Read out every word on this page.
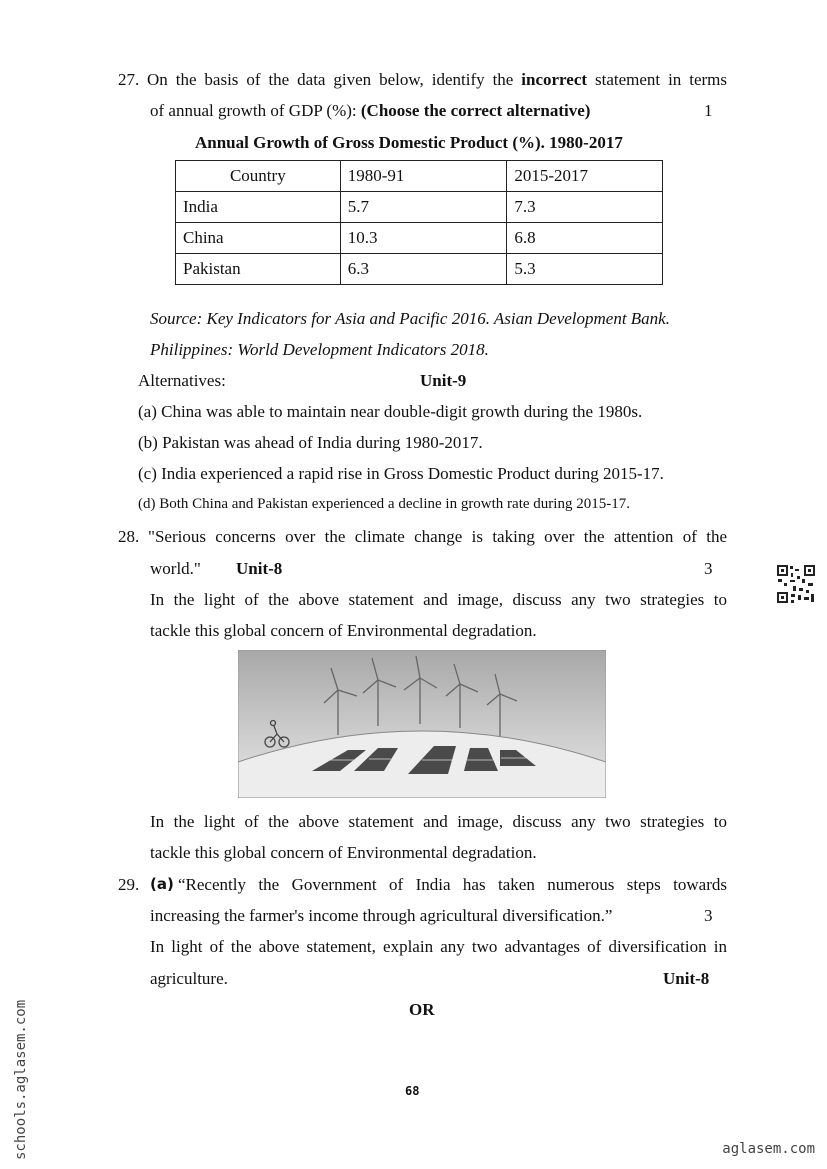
27. On the basis of the data given below, identify the incorrect statement in terms
of annual growth of GDP (%): (Choose the correct alternative)	1
Annual Growth of Gross Domestic Product (%). 1980-2017
Country	1980-91	2015-2017
India	5.7	7.3
China	10.3	6.8
Pakistan	6.3	5.3
Source: Key Indicators for Asia and Pacific 2016. Asian Development Bank.
Philippines: World Development Indicators 2018.
Alternatives:	Unit-9
(a) China was able to maintain near double-digit growth during the 1980s.
(b) Pakistan was ahead of India during 1980-2017.
(c) India experienced a rapid rise in Gross Domestic Product during 2015-17.
(d) Both China and Pakistan experienced a decline in growth rate during 2015-17.
28. "Serious concerns over the climate change is taking over the attention of the
world." Unit-8	3
In the light of the above statement and image, discuss any two strategies to
tackle this global concern of Environmental degradation.
In the light of the above statement and image, discuss any two strategies to
tackle this global concern of Environmental degradation.
29. (a) “Recently the Government of India has taken numerous steps towards
increasing the farmer's income through agricultural diversification.”	3
In light of the above statement, explain any two advantages of diversification in
agriculture.	Unit-8
OR
68
schools.aglasem.com	aglasem.com
